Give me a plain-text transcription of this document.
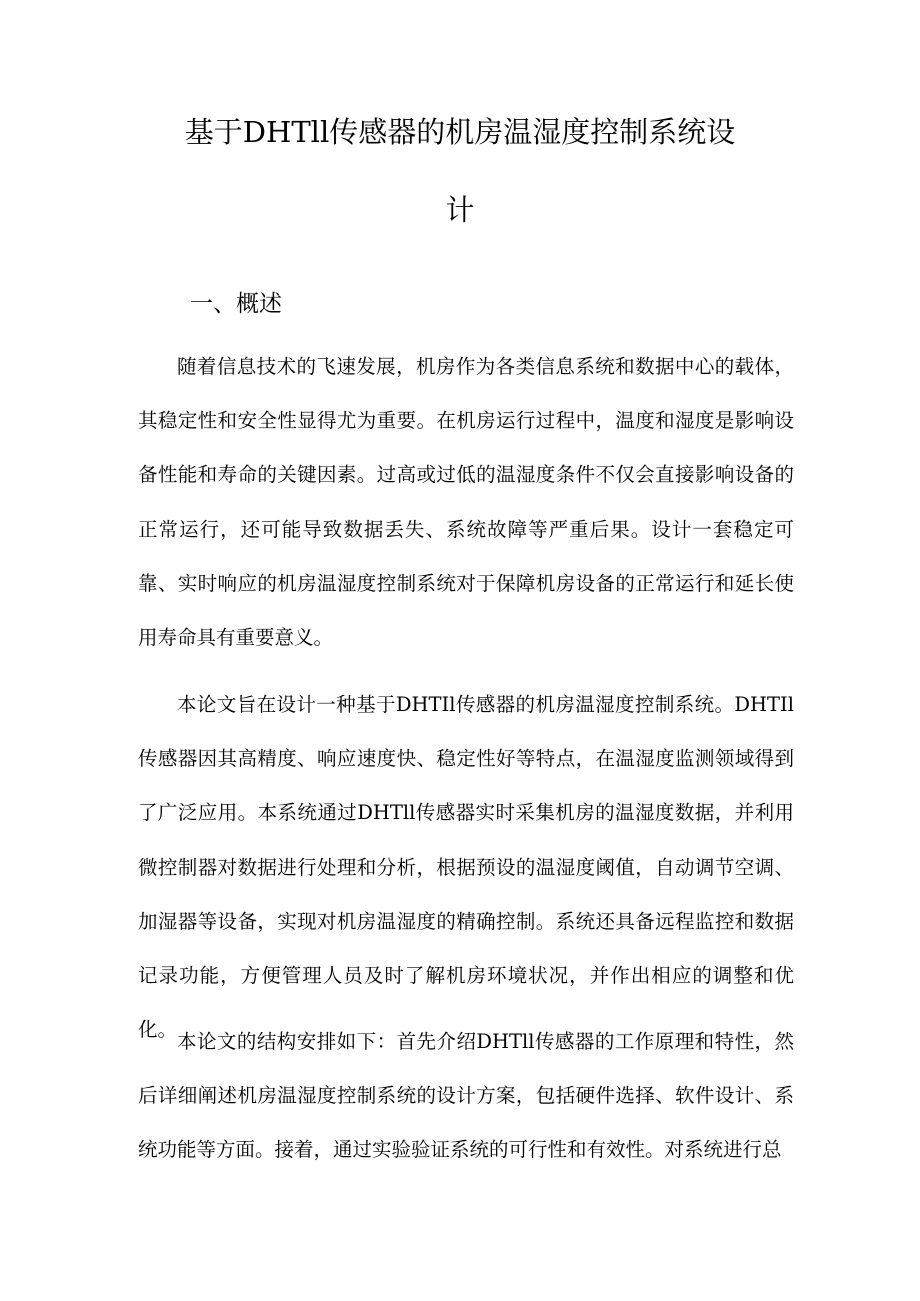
基于DHTll传感器的机房温湿度控制系统设
计
一、概述

随着信息技术的飞速发展，机房作为各类信息系统和数据中心的载体，其稳定性和安全性显得尤为重要。在机房运行过程中，温度和湿度是影响设备性能和寿命的关键因素。过高或过低的温湿度条件不仅会直接影响设备的正常运行，还可能导致数据丢失、系统故障等严重后果。设计一套稳定可靠、实时响应的机房温湿度控制系统对于保障机房设备的正常运行和延长使用寿命具有重要意义。

本论文旨在设计一种基于DHTIl传感器的机房温湿度控制系统。DHTIl传感器因其高精度、响应速度快、稳定性好等特点，在温湿度监测领域得到了广泛应用。本系统通过DHTll传感器实时采集机房的温湿度数据，并利用微控制器对数据进行处理和分析，根据预设的温湿度阈值，自动调节空调、加湿器等设备，实现对机房温湿度的精确控制。系统还具备远程监控和数据记录功能，方便管理人员及时了解机房环境状况，并作出相应的调整和优化。

本论文的结构安排如下：首先介绍DHTll传感器的工作原理和特性，然后详细阐述机房温湿度控制系统的设计方案，包括硬件选择、软件设计、系统功能等方面。接着，通过实验验证系统的可行性和有效性。对系统进行总
